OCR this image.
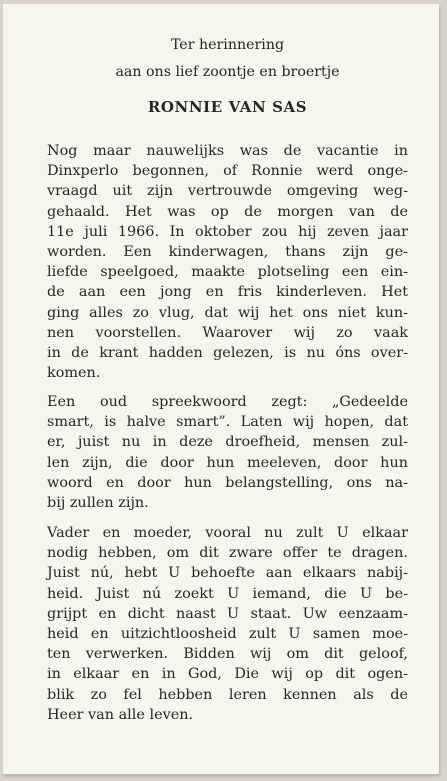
Ter herinnering
aan ons lief zoontje en broertje
RONNIE VAN SAS
Nog maar nauwelijks was de vacantie in
Dinxperlo begonnen, of Ronnie werd onge-
vraagd uit zijn vertrouwde omgeving weg-
gehaald. Het was op de morgen van de
11e juli 1966. In oktober zou hij zeven jaar
worden. Een kinderwagen, thans zijn ge-
liefde speelgoed, maakte plotseling een ein-
de aan een jong en fris kinderleven. Het
ging alles zo vlug, dat wij het ons niet kun-
nen voorstellen. Waarover wij zo vaak
in de krant hadden gelezen, is nu óns over-
komen.
Een oud spreekwoord zegt: „Gedeelde
smart, is halve smart”. Laten wij hopen, dat
er, juist nu in deze droefheid, mensen zul-
len zijn, die door hun meeleven, door hun
woord en door hun belangstelling, ons na-
bij zullen zijn.
Vader en moeder, vooral nu zult U elkaar
nodig hebben, om dit zware offer te dragen.
Juist nú, hebt U behoefte aan elkaars nabij-
heid. Juist nú zoekt U iemand, die U be-
grijpt en dicht naast U staat. Uw eenzaam-
heid en uitzichtloosheid zult U samen moe-
ten verwerken. Bidden wij om dit geloof,
in elkaar en in God, Die wij op dit ogen-
blik zo fel hebben leren kennen als de
Heer van alle leven.
